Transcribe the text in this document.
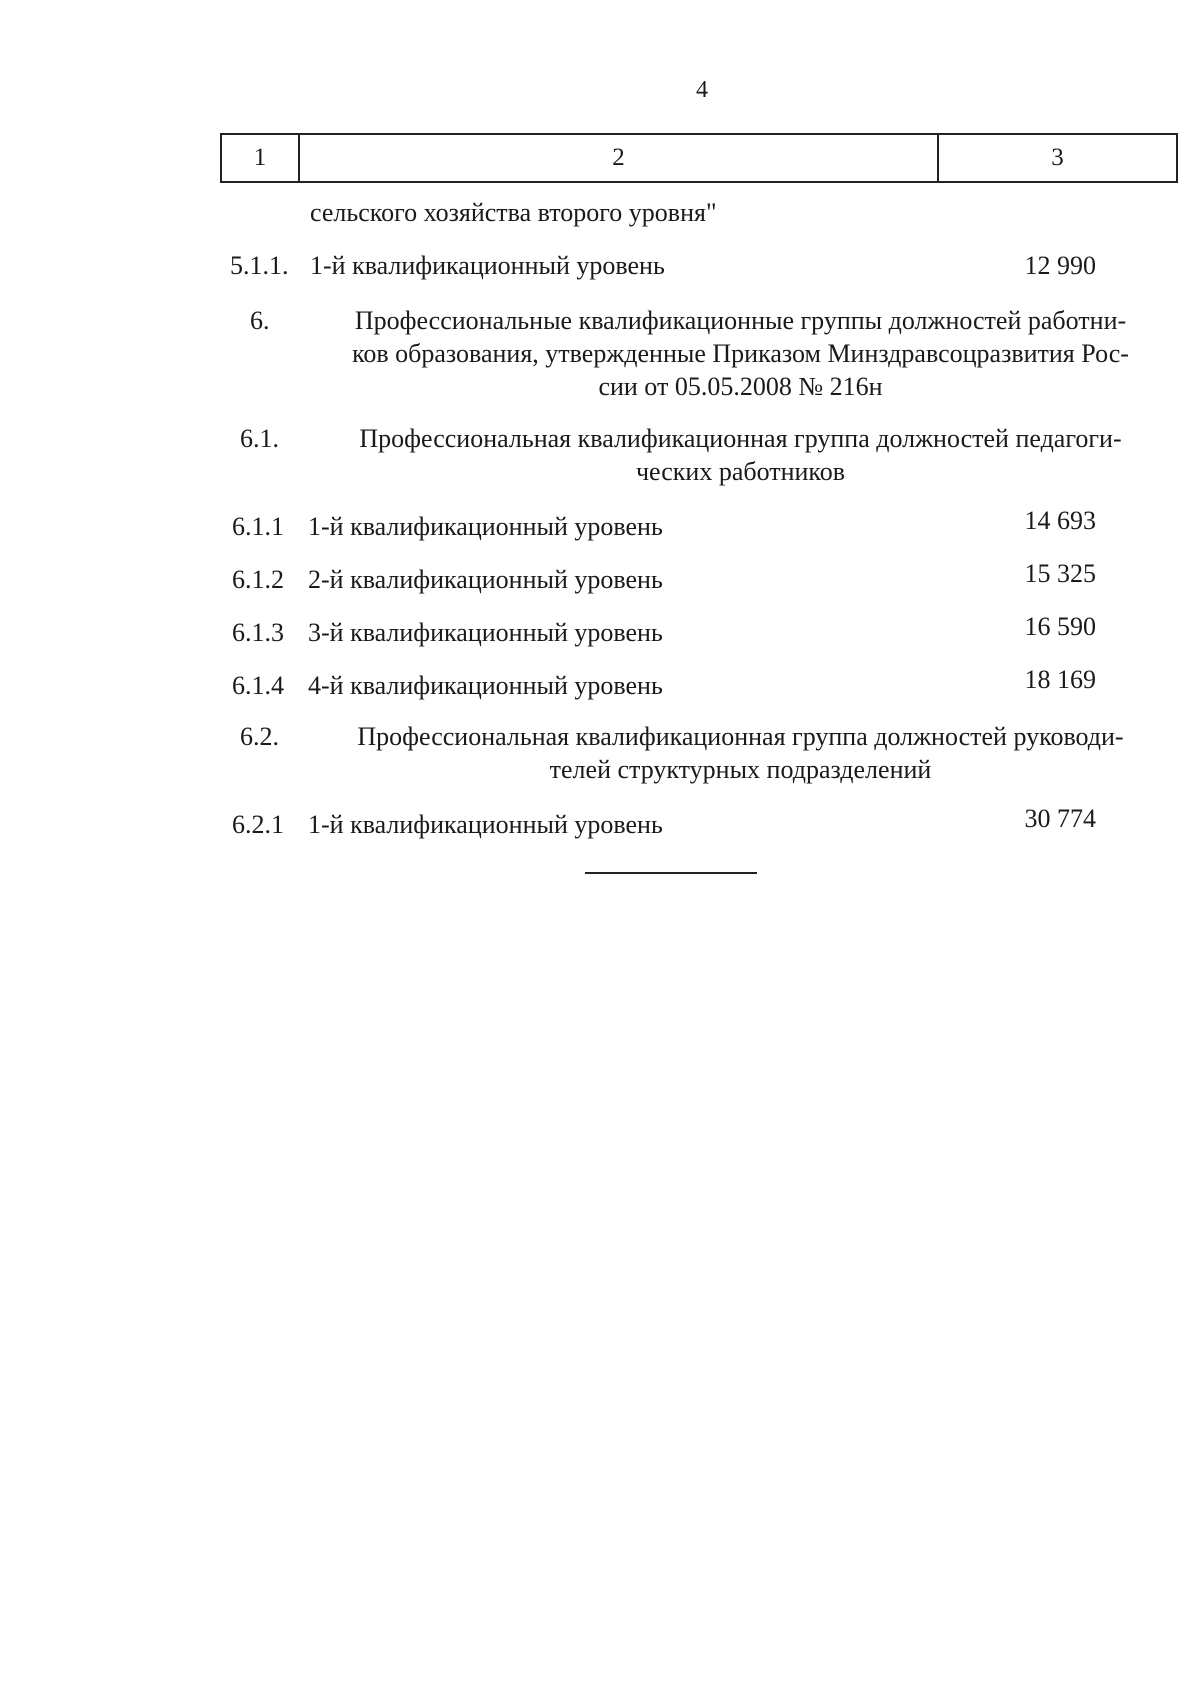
4
1	2	3
сельского хозяйства второго уровня"
5.1.1. 1-й квалификационный уровень	12 990
6.	Профессиональные квалификационные группы должностей работни-
ков образования, утвержденные Приказом Минздравсоцразвития Рос-
сии от 05.05.2008 № 216н
6.1.	Профессиональная квалификационная группа должностей педагоги-
ческих работников
6.1.1 1-й квалификационный уровень	14 693
6.1.2 2-й квалификационный уровень	15 325
6.1.3 3-й квалификационный уровень	16 590
6.1.4 4-й квалификационный уровень	18 169
6.2.	Профессиональная квалификационная группа должностей руководи-
телей структурных подразделений
6.2.1 1-й квалификационный уровень	30 774
